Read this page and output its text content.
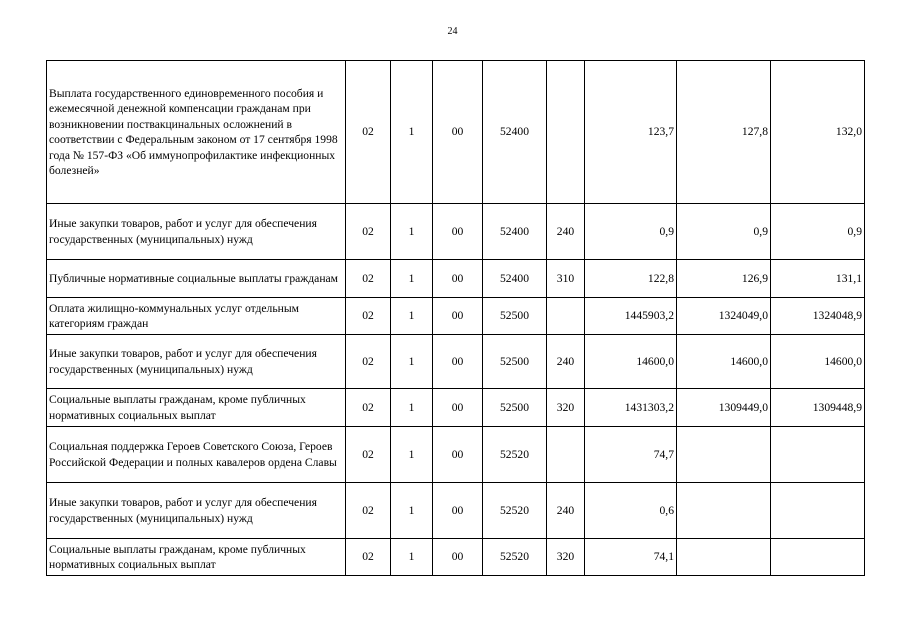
24
Выплата государственного единовременного пособия и ежемесячной денежной компенсации гражданам при возникновении поствакцинальных осложнений в соответствии с Федеральным законом от 17 сентября 1998 года № 157-ФЗ «Об иммунопрофилактике инфекционных болезней»	02	1	00	52400		123,7	127,8	132,0
Иные закупки товаров, работ и услуг для обеспечения государственных (муниципальных) нужд	02	1	00	52400	240	0,9	0,9	0,9
Публичные нормативные социальные выплаты гражданам	02	1	00	52400	310	122,8	126,9	131,1
Оплата жилищно-коммунальных услуг отдельным категориям граждан	02	1	00	52500		1445903,2	1324049,0	1324048,9
Иные закупки товаров, работ и услуг для обеспечения государственных (муниципальных) нужд	02	1	00	52500	240	14600,0	14600,0	14600,0
Социальные выплаты гражданам, кроме публичных нормативных социальных выплат	02	1	00	52500	320	1431303,2	1309449,0	1309448,9
Социальная поддержка Героев Советского Союза, Героев Российской Федерации и полных кавалеров ордена Славы	02	1	00	52520		74,7		
Иные закупки товаров, работ и услуг для обеспечения государственных (муниципальных) нужд	02	1	00	52520	240	0,6		
Социальные выплаты гражданам, кроме публичных нормативных социальных выплат	02	1	00	52520	320	74,1		
